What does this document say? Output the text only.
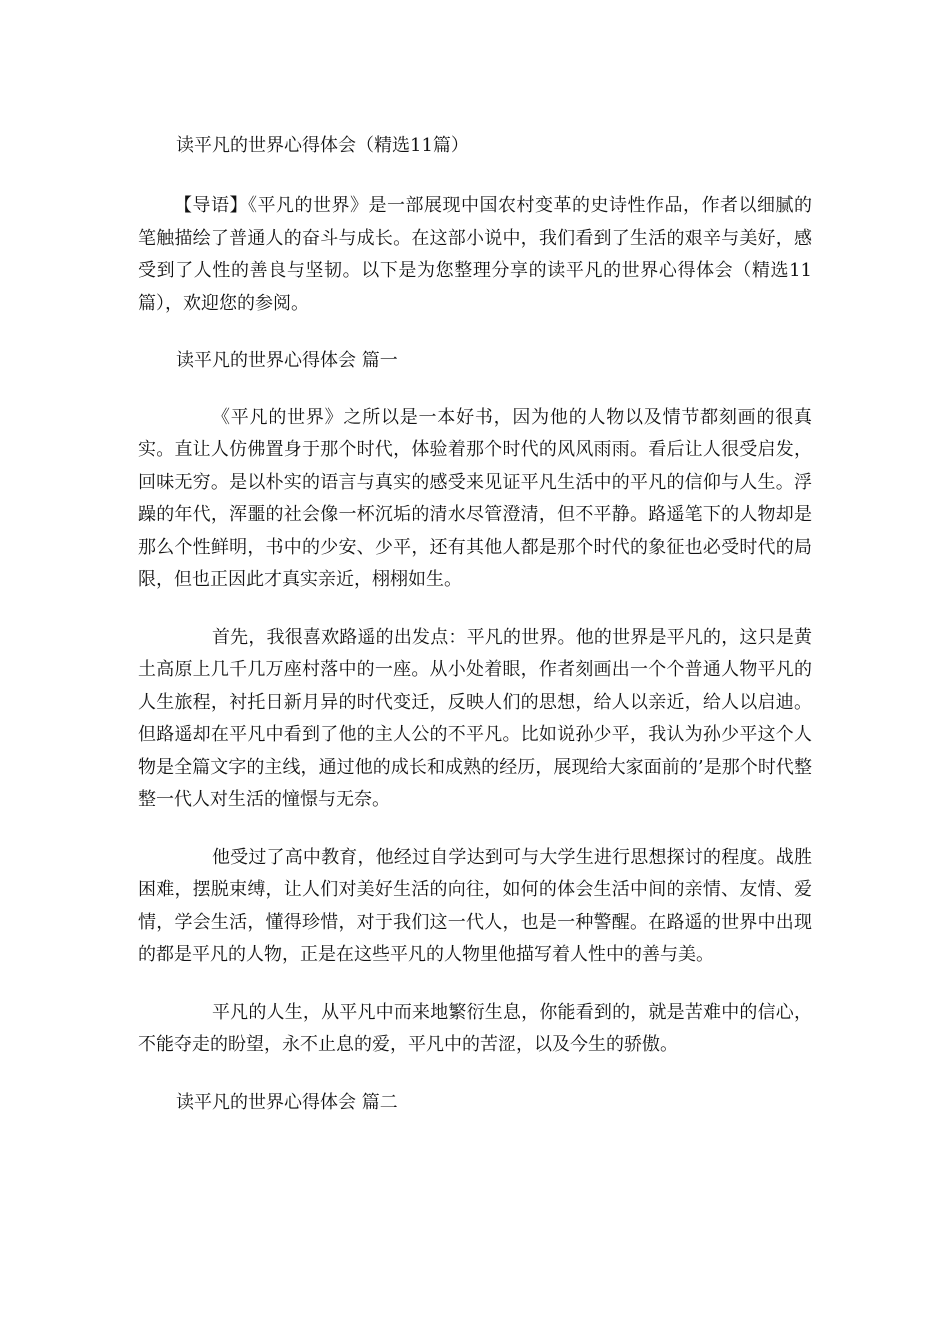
读平凡的世界心得体会（精选11篇）

【导语】《平凡的世界》是一部展现中国农村变革的史诗性作品，作者以细腻的笔触描绘了普通人的奋斗与成长。在这部小说中，我们看到了生活的艰辛与美好，感受到了人性的善良与坚韧。以下是为您整理分享的读平凡的世界心得体会（精选11篇），欢迎您的参阅。

读平凡的世界心得体会 篇一

《平凡的世界》之所以是一本好书，因为他的人物以及情节都刻画的很真实。直让人仿佛置身于那个时代，体验着那个时代的风风雨雨。看后让人很受启发，回味无穷。是以朴实的语言与真实的感受来见证平凡生活中的平凡的信仰与人生。浮躁的年代，浑噩的社会像一杯沉垢的清水尽管澄清，但不平静。路遥笔下的人物却是那么个性鲜明，书中的少安、少平，还有其他人都是那个时代的象征也必受时代的局限，但也正因此才真实亲近，栩栩如生。

首先，我很喜欢路遥的出发点：平凡的世界。他的世界是平凡的，这只是黄土高原上几千几万座村落中的一座。从小处着眼，作者刻画出一个个普通人物平凡的人生旅程，衬托日新月异的时代变迁，反映人们的思想，给人以亲近，给人以启迪。但路遥却在平凡中看到了他的主人公的不平凡。比如说孙少平，我认为孙少平这个人物是全篇文字的主线，通过他的成长和成熟的经历，展现给大家面前的’是那个时代整整一代人对生活的憧憬与无奈。

他受过了高中教育，他经过自学达到可与大学生进行思想探讨的程度。战胜困难，摆脱束缚，让人们对美好生活的向往，如何的体会生活中间的亲情、友情、爱情，学会生活，懂得珍惜，对于我们这一代人，也是一种警醒。在路遥的世界中出现的都是平凡的人物，正是在这些平凡的人物里他描写着人性中的善与美。

平凡的人生，从平凡中而来地繁衍生息，你能看到的，就是苦难中的信心，不能夺走的盼望，永不止息的爱，平凡中的苦涩，以及今生的骄傲。

读平凡的世界心得体会 篇二
